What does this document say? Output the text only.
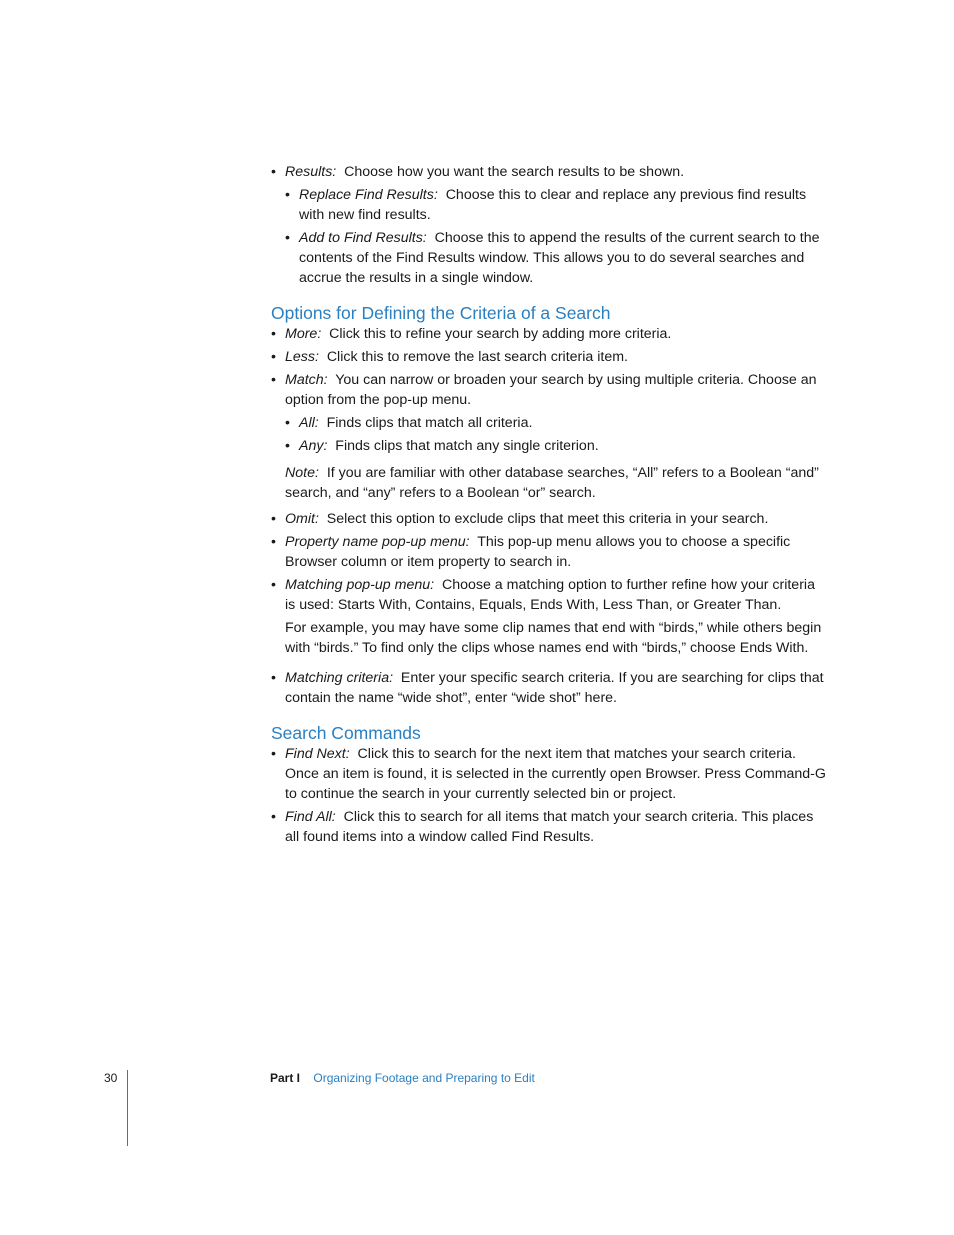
• Results: Choose how you want the search results to be shown.
• Replace Find Results: Choose this to clear and replace any previous find results with new find results.
• Add to Find Results: Choose this to append the results of the current search to the contents of the Find Results window. This allows you to do several searches and accrue the results in a single window.
Options for Defining the Criteria of a Search
• More: Click this to refine your search by adding more criteria.
• Less: Click this to remove the last search criteria item.
• Match: You can narrow or broaden your search by using multiple criteria. Choose an option from the pop-up menu.
• All: Finds clips that match all criteria.
• Any: Finds clips that match any single criterion.
Note: If you are familiar with other database searches, “All” refers to a Boolean “and” search, and “any” refers to a Boolean “or” search.
• Omit: Select this option to exclude clips that meet this criteria in your search.
• Property name pop-up menu: This pop-up menu allows you to choose a specific Browser column or item property to search in.
• Matching pop-up menu: Choose a matching option to further refine how your criteria is used: Starts With, Contains, Equals, Ends With, Less Than, or Greater Than.
For example, you may have some clip names that end with “birds,” while others begin with “birds.” To find only the clips whose names end with “birds,” choose Ends With.
• Matching criteria: Enter your specific search criteria. If you are searching for clips that contain the name “wide shot”, enter “wide shot” here.
Search Commands
• Find Next: Click this to search for the next item that matches your search criteria. Once an item is found, it is selected in the currently open Browser. Press Command-G to continue the search in your currently selected bin or project.
• Find All: Click this to search for all items that match your search criteria. This places all found items into a window called Find Results.
30	Part I Organizing Footage and Preparing to Edit
